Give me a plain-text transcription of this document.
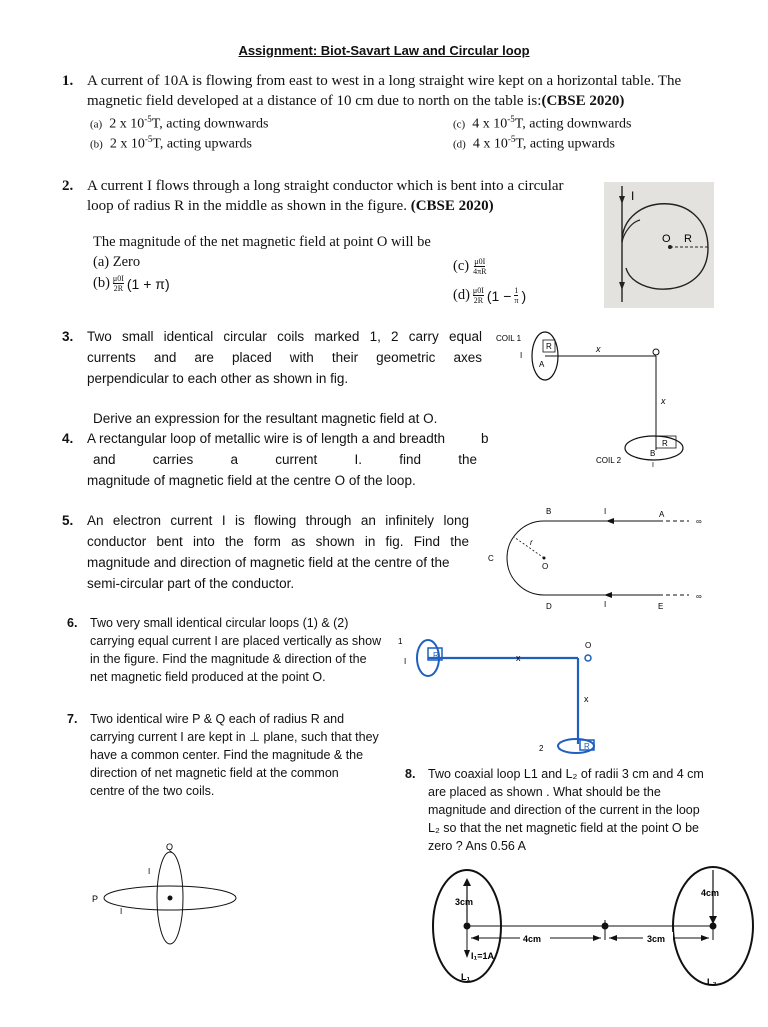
Assignment: Biot-Savart Law and Circular loop
1. A current of 10A is flowing from east to west in a long straight wire kept on a horizontal table. The
magnetic field developed at a distance of 10 cm due to north on the table is:(CBSE 2020)
(a) 2 x $10^{-5}T$, acting downwards
(b) 2 x $10^{-5}T$, acting upwards
(c) 4 x $10^{-5}T$, acting downwards
(d) 4 x $10^{-5}T$, acting upwards
2. A current I flows through a long straight conductor which is bent into a circular
loop of radius R in the middle as shown in the figure. (CBSE 2020)
The magnitude of the net magnetic field at point O will be
(a) Zero
(b) μ0I
2R (1 + π)
(c) μ0I
4πR
(d) μ0I
2R ($1 - \frac{1}{\pi}$ )
I
O R
3. Two small identical circular coils marked 1, 2 carry equal
currents and are placed with their geometric axes
perpendicular to each other as shown in fig.
Derive an expression for the resultant magnetic field at O.
COIL 1
I
A
R	x
x
R
B
I
COIL 2
4. A rectangular loop of metallic wire is of length a and breadth	b
and	carries	a	current	I.	find	the
magnitude of magnetic field at the centre O of the loop.
5. An electron current I is flowing through an infinitely long
conductor bent into the form as shown in fig. Find the
magnitude and direction of magnetic field at the centre of the
semi-circular part of the conductor.
B	I	A
∞
C
r
O
D	I	E
∞
6. Two very small identical circular loops (1) & (2)
carrying equal current I are placed vertically as show
in the figure. Find the magnitude & direction of the
net magnetic field produced at the point O.
1
I
R	x
x
O
2	R
7. Two identical wire P & Q each of radius R and
carrying current I are kept in ⊥ plane, such that they
have a common center. Find the magnitude & the
direction of net magnetic field at the common
centre of the two coils.
P
Q
I
I
8. Two coaxial loop L1 and L₂ of radii 3 cm and 4 cm
are placed as shown . What should be the
magnitude and direction of the current in the loop
L₂ so that the net magnetic field at the point O be
zero ? Ans 0.56 A
3cm
4cm
4cm	3cm
I₁=1A
L₁	L₂
